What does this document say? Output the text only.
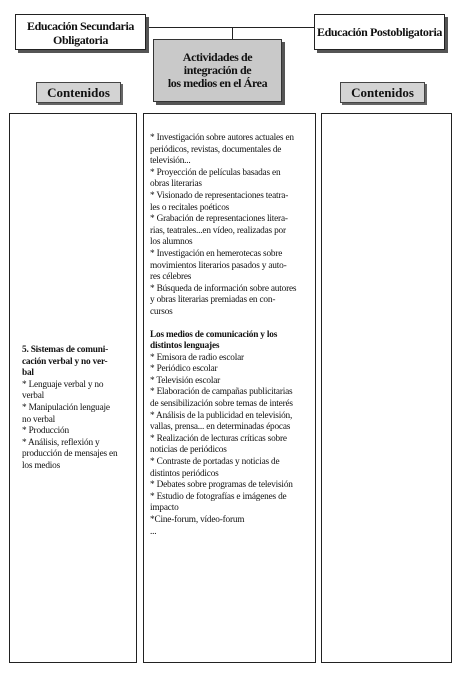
Educación Secundaria
Obligatoria
Educación Postobligatoria
Actividades de
integración de
los medios en el Área
Contenidos	Contenidos

5. Sistemas de comuni-

cación verbal y no ver-

bal

* Lenguaje verbal y no

verbal

* Manipulación lenguaje

no verbal

* Producción

* Análisis, reflexión y

producción de mensajes en

los medios

* Investigación sobre autores actuales en

periódicos, revistas, documentales de

televisión...

* Proyección de películas basadas en

obras literarias

* Visionado de representaciones teatra-

les o recitales poéticos

* Grabación de representaciones litera-

rias, teatrales...en vídeo, realizadas por

los alumnos

* Investigación en hemerotecas sobre

movimientos literarios pasados y auto-

res célebres

* Búsqueda de información sobre autores

y obras literarias premiadas en con-

cursos

Los medios de comunicación y los

distintos lenguajes

* Emisora de radio escolar

* Periódico escolar

* Televisión escolar

* Elaboración de campañas publicitarias

de sensibilización sobre temas de interés

* Análisis de la publicidad en televisión,

vallas, prensa... en determinadas épocas

* Realización de lecturas críticas sobre

noticias de periódicos

* Contraste de portadas y noticias de

distintos periódicos

* Debates sobre programas de televisión

* Estudio de fotografías e imágenes de

impacto

*Cine-forum, vídeo-forum

...
